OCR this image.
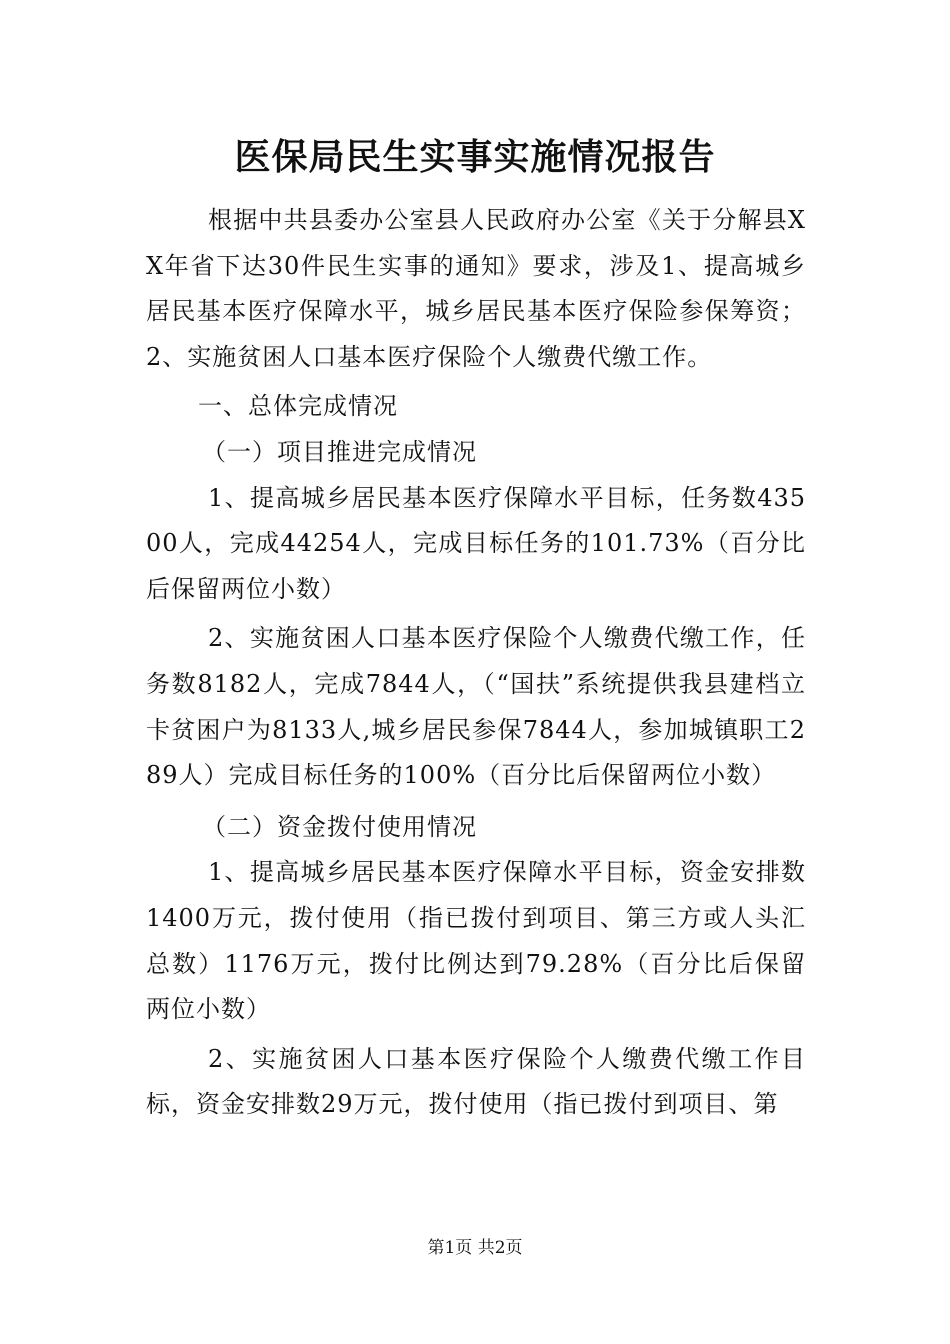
医保局民生实事实施情况报告

根据中共县委办公室县人民政府办公室《关于分解县XX年省下达30件民生实事的通知》要求，涉及1、提高城乡居民基本医疗保障水平，城乡居民基本医疗保险参保筹资；2、实施贫困人口基本医疗保险个人缴费代缴工作。

一、总体完成情况

（一）项目推进完成情况

1、提高城乡居民基本医疗保障水平目标，任务数43500人，完成44254人，完成目标任务的101.73%（百分比后保留两位小数）

2、实施贫困人口基本医疗保险个人缴费代缴工作，任务数8182人，完成7844人，（“国扶”系统提供我县建档立卡贫困户为8133人,城乡居民参保7844人，参加城镇职工289人）完成目标任务的100%（百分比后保留两位小数）

（二）资金拨付使用情况

1、提高城乡居民基本医疗保障水平目标，资金安排数1400万元，拨付使用（指已拨付到项目、第三方或人头汇总数）1176万元，拨付比例达到79.28%（百分比后保留两位小数）

2、实施贫困人口基本医疗保险个人缴费代缴工作目标，资金安排数29万元，拨付使用（指已拨付到项目、第

第1页 共2页
